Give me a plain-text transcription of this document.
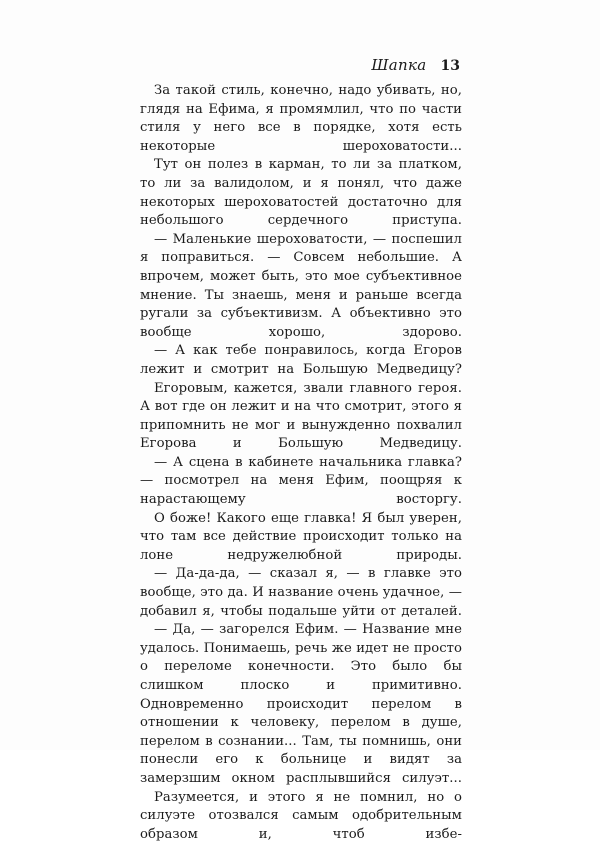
Шапка 13

За такой стиль, конечно, надо убивать, но, глядя на Ефима, я промямлил, что по части стиля у него все в порядке, хотя есть некоторые шероховатости...

Тут он полез в карман, то ли за платком, то ли за валидолом, и я понял, что даже некоторых шероховатостей достаточно для небольшого сердечного приступа.

— Маленькие шероховатости, — поспешил я поправиться. — Совсем небольшие. А впрочем, может быть, это мое субъективное мнение. Ты знаешь, меня и раньше всегда ругали за субъективизм. А объективно это вообще хорошо, здорово.

— А как тебе понравилось, когда Егоров лежит и смотрит на Большую Медведицу?

Егоровым, кажется, звали главного героя. А вот где он лежит и на что смотрит, этого я припомнить не мог и вынужденно похвалил Егорова и Большую Медведицу.

— А сцена в кабинете начальника главка? — посмотрел на меня Ефим, поощряя к нарастающему восторгу.

О боже! Какого еще главка! Я был уверен, что там все действие происходит только на лоне недружелюбной природы.

— Да-да-да, — сказал я, — в главке это вообще, это да. И название очень удачное, — добавил я, чтобы подальше уйти от деталей.

— Да, — загорелся Ефим. — Название мне удалось. Понимаешь, речь же идет не просто о переломе конечности. Это было бы слишком плоско и примитивно. Одновременно происходит перелом в отношении к человеку, перелом в душе, перелом в сознании... Там, ты помнишь, они понесли его к больнице и видят за замерзшим окном расплывшийся силуэт...

Разумеется, и этого я не помнил, но о силуэте отозвался самым одобрительным образом и, чтоб избе-
